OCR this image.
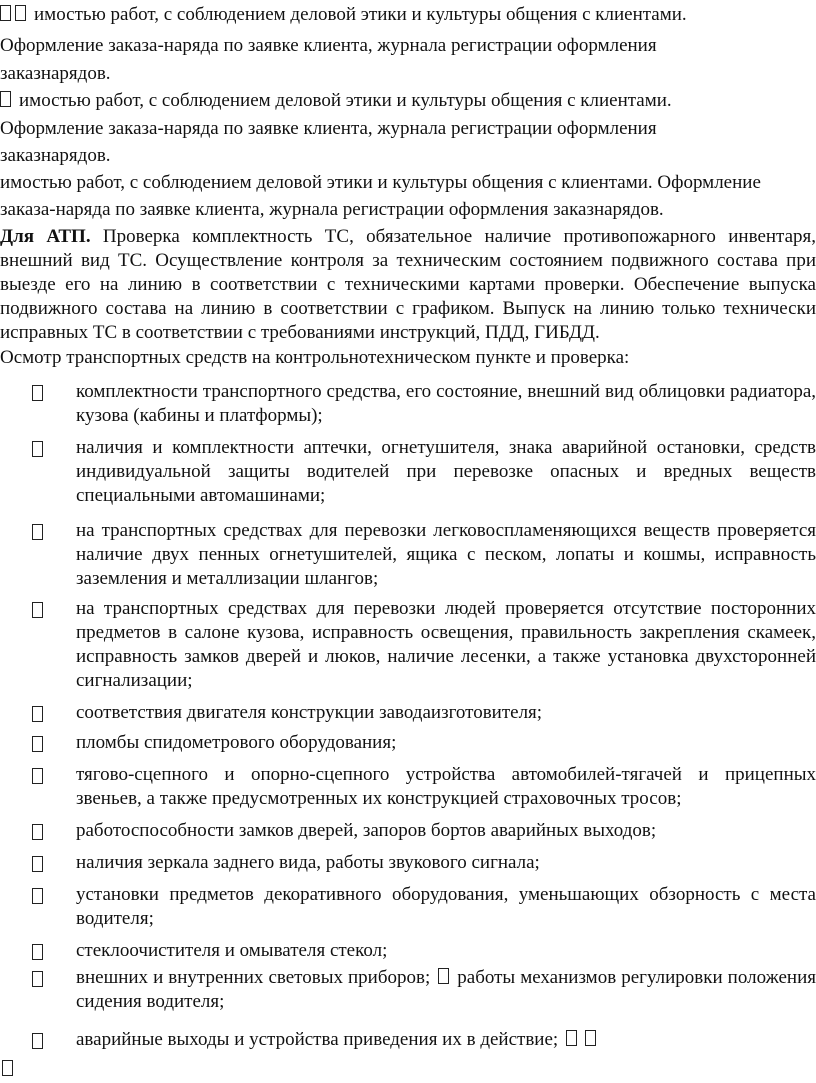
имостью работ, с соблюдением деловой этики и культуры общения с клиентами.
Оформление заказа-наряда по заявке клиента, журнала регистрации оформления
заказнарядов.
имостью работ, с соблюдением деловой этики и культуры общения с клиентами.
Оформление заказа-наряда по заявке клиента, журнала регистрации оформления
заказнарядов.
имостью работ, с соблюдением деловой этики и культуры общения с клиентами. Оформление
заказа-наряда по заявке клиента, журнала регистрации оформления заказнарядов.
Для АТП. Проверка комплектность ТС, обязательное наличие противопожарного инвентаря, внешний вид ТС. Осуществление контроля за техническим состоянием подвижного состава при выезде его на линию в соответствии с техническими картами проверки. Обеспечение выпуска подвижного состава на линию в соответствии с графиком. Выпуск на линию только технически исправных ТС в соответствии с требованиями инструкций, ПДД, ГИБДД.
Осмотр транспортных средств на контрольнотехническом пункте и проверка:
комплектности транспортного средства, его состояние, внешний вид облицовки радиатора, кузова (кабины и платформы);
наличия и комплектности аптечки, огнетушителя, знака аварийной остановки, средств индивидуальной защиты водителей при перевозке опасных и вредных веществ специальными автомашинами;
на транспортных средствах для перевозки легковоспламеняющихся веществ проверяется наличие двух пенных огнетушителей, ящика с песком, лопаты и кошмы, исправность заземления и металлизации шлангов;
на транспортных средствах для перевозки людей проверяется отсутствие посторонних предметов в салоне кузова, исправность освещения, правильность закрепления скамеек, исправность замков дверей и люков, наличие лесенки, а также установка двухсторонней сигнализации;
соответствия двигателя конструкции заводаизготовителя;
пломбы спидометрового оборудования;
тягово-сцепного и опорно-сцепного устройства автомобилей-тягачей и прицепных звеньев, а также предусмотренных их конструкцией страховочных тросов;
работоспособности замков дверей, запоров бортов аварийных выходов;
наличия зеркала заднего вида, работы звукового сигнала;
установки предметов декоративного оборудования, уменьшающих обзорность с места водителя;
стеклоочистителя и омывателя стекол;
внешних и внутренних световых приборов; работы механизмов регулировки положения сидения водителя;
аварийные выходы и устройства приведения их в действие;
